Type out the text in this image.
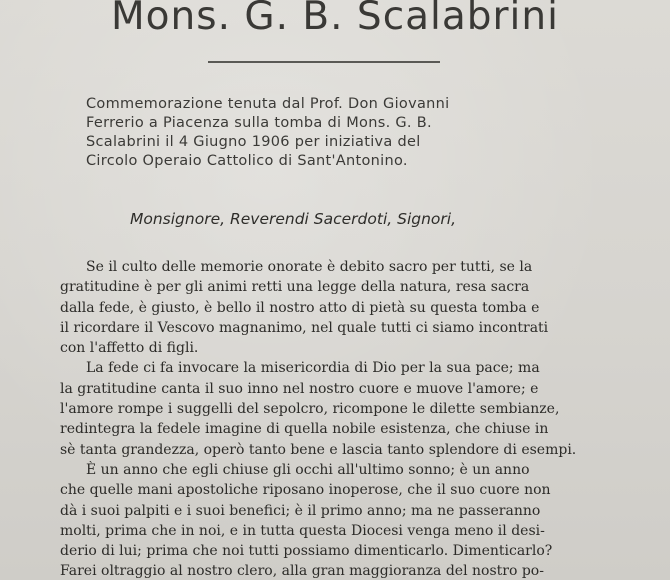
Mons. G. B. Scalabrini
Commemorazione tenuta dal Prof. Don Giovanni
Ferrerio a Piacenza sulla tomba di Mons. G. B.
Scalabrini il 4 Giugno 1906 per iniziativa del
Circolo Operaio Cattolico di Sant'Antonino.
Monsignore, Reverendi Sacerdoti, Signori,
Se il culto delle memorie onorate è debito sacro per tutti, se la
gratitudine è per gli animi retti una legge della natura, resa sacra
dalla fede, è giusto, è bello il nostro atto di pietà su questa tomba e
il ricordare il Vescovo magnanimo, nel quale tutti ci siamo incontrati
con l'affetto di figli.
La fede ci fa invocare la misericordia di Dio per la sua pace; ma
la gratitudine canta il suo inno nel nostro cuore e muove l'amore; e
l'amore rompe i suggelli del sepolcro, ricompone le dilette sembianze,
redintegra la fedele imagine di quella nobile esistenza, che chiuse in
sè tanta grandezza, operò tanto bene e lascia tanto splendore di esempi.
È un anno che egli chiuse gli occhi all'ultimo sonno; è un anno
che quelle mani apostoliche riposano inoperose, che il suo cuore non
dà i suoi palpiti e i suoi benefici; è il primo anno; ma ne passeranno
molti, prima che in noi, e in tutta questa Diocesi venga meno il desi-
derio di lui; prima che noi tutti possiamo dimenticarlo. Dimenticarlo?
Farei oltraggio al nostro clero, alla gran maggioranza del nostro po-
